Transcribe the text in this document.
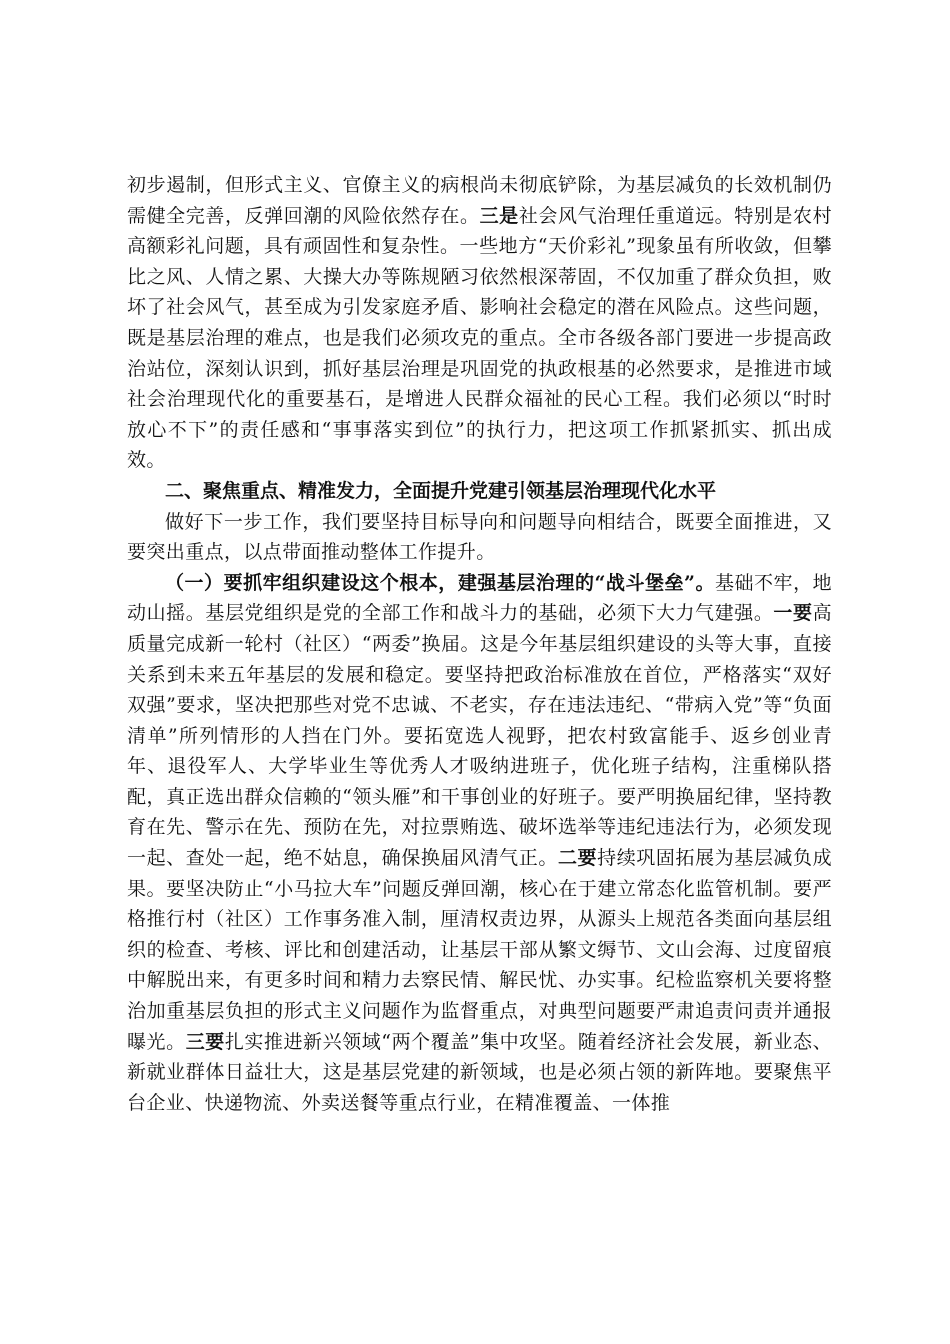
初步遏制，但形式主义、官僚主义的病根尚未彻底铲除，为基层减负的长效机制仍需健全完善，反弹回潮的风险依然存在。三是社会风气治理任重道远。特别是农村高额彩礼问题，具有顽固性和复杂性。一些地方“天价彩礼”现象虽有所收敛，但攀比之风、人情之累、大操大办等陈规陋习依然根深蒂固，不仅加重了群众负担，败坏了社会风气，甚至成为引发家庭矛盾、影响社会稳定的潜在风险点。这些问题，既是基层治理的难点，也是我们必须攻克的重点。全市各级各部门要进一步提高政治站位，深刻认识到，抓好基层治理是巩固党的执政根基的必然要求，是推进市域社会治理现代化的重要基石，是增进人民群众福祉的民心工程。我们必须以“时时放心不下”的责任感和“事事落实到位”的执行力，把这项工作抓紧抓实、抓出成效。

二、聚焦重点、精准发力，全面提升党建引领基层治理现代化水平

做好下一步工作，我们要坚持目标导向和问题导向相结合，既要全面推进，又要突出重点，以点带面推动整体工作提升。

（一）要抓牢组织建设这个根本，建强基层治理的“战斗堡垒”。基础不牢，地动山摇。基层党组织是党的全部工作和战斗力的基础，必须下大力气建强。一要高质量完成新一轮村（社区）“两委”换届。这是今年基层组织建设的头等大事，直接关系到未来五年基层的发展和稳定。要坚持把政治标准放在首位，严格落实“双好双强”要求，坚决把那些对党不忠诚、不老实，存在违法违纪、“带病入党”等“负面清单”所列情形的人挡在门外。要拓宽选人视野，把农村致富能手、返乡创业青年、退役军人、大学毕业生等优秀人才吸纳进班子，优化班子结构，注重梯队搭配，真正选出群众信赖的“领头雁”和干事创业的好班子。要严明换届纪律，坚持教育在先、警示在先、预防在先，对拉票贿选、破坏选举等违纪违法行为，必须发现一起、查处一起，绝不姑息，确保换届风清气正。二要持续巩固拓展为基层减负成果。要坚决防止“小马拉大车”问题反弹回潮，核心在于建立常态化监管机制。要严格推行村（社区）工作事务准入制，厘清权责边界，从源头上规范各类面向基层组织的检查、考核、评比和创建活动，让基层干部从繁文缛节、文山会海、过度留痕中解脱出来，有更多时间和精力去察民情、解民忧、办实事。纪检监察机关要将整治加重基层负担的形式主义问题作为监督重点，对典型问题要严肃追责问责并通报曝光。三要扎实推进新兴领域“两个覆盖”集中攻坚。随着经济社会发展，新业态、新就业群体日益壮大，这是基层党建的新领域，也是必须占领的新阵地。要聚焦平台企业、快递物流、外卖送餐等重点行业，在精准覆盖、一体推
